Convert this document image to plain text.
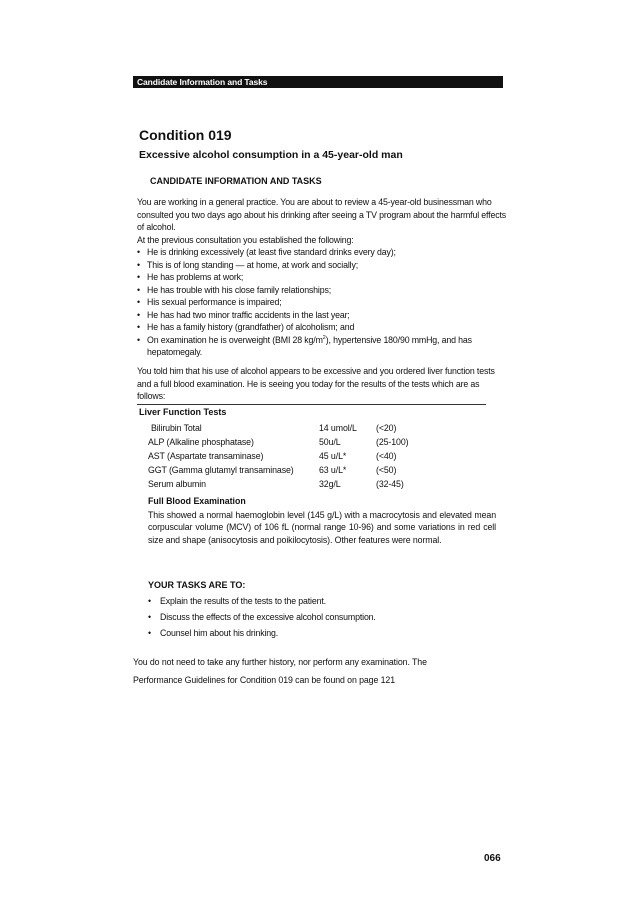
Candidate Information and Tasks
Condition 019
Excessive alcohol consumption in a 45-year-old man
CANDIDATE INFORMATION AND TASKS
You are working in a general practice. You are about to review a 45-year-old businessman who consulted you two days ago about his drinking after seeing a TV program about the harmful effects of alcohol.
At the previous consultation you established the following:
• He is drinking excessively (at least five standard drinks every day);
• This is of long standing — at home, at work and socially;
• He has problems at work;
• He has trouble with his close family relationships;
• His sexual performance is impaired;
• He has had two minor traffic accidents in the last year;
• He has a family history (grandfather) of alcoholism; and
• On examination he is overweight (BMI 28 $kg/m^2$), hypertensive 180/90 mmHg, and has hepatomegaly.
You told him that his use of alcohol appears to be excessive and you ordered liver function tests and a full blood examination. He is seeing you today for the results of the tests which are as follows:
Liver Function Tests
Bilirubin Total	14 umol/L	(<20)
ALP (Alkaline phosphatase)	50u/L	(25-100)
AST (Aspartate transaminase)	45 u/L*	(<40)
GGT (Gamma glutamyl transaminase)	63 u/L*	(<50)
Serum albumin	32g/L	(32-45)
Full Blood Examination
This showed a normal haemoglobin level (145 g/L) with a macrocytosis and elevated mean corpuscular volume (MCV) of 106 fL (normal range 10-96) and some variations in red cell size and shape (anisocytosis and poikilocytosis). Other features were normal.
YOUR TASKS ARE TO:
• Explain the results of the tests to the patient.
• Discuss the effects of the excessive alcohol consumption.
• Counsel him about his drinking.
You do not need to take any further history, nor perform any examination. The
Performance Guidelines for Condition 019 can be found on page 121
066
